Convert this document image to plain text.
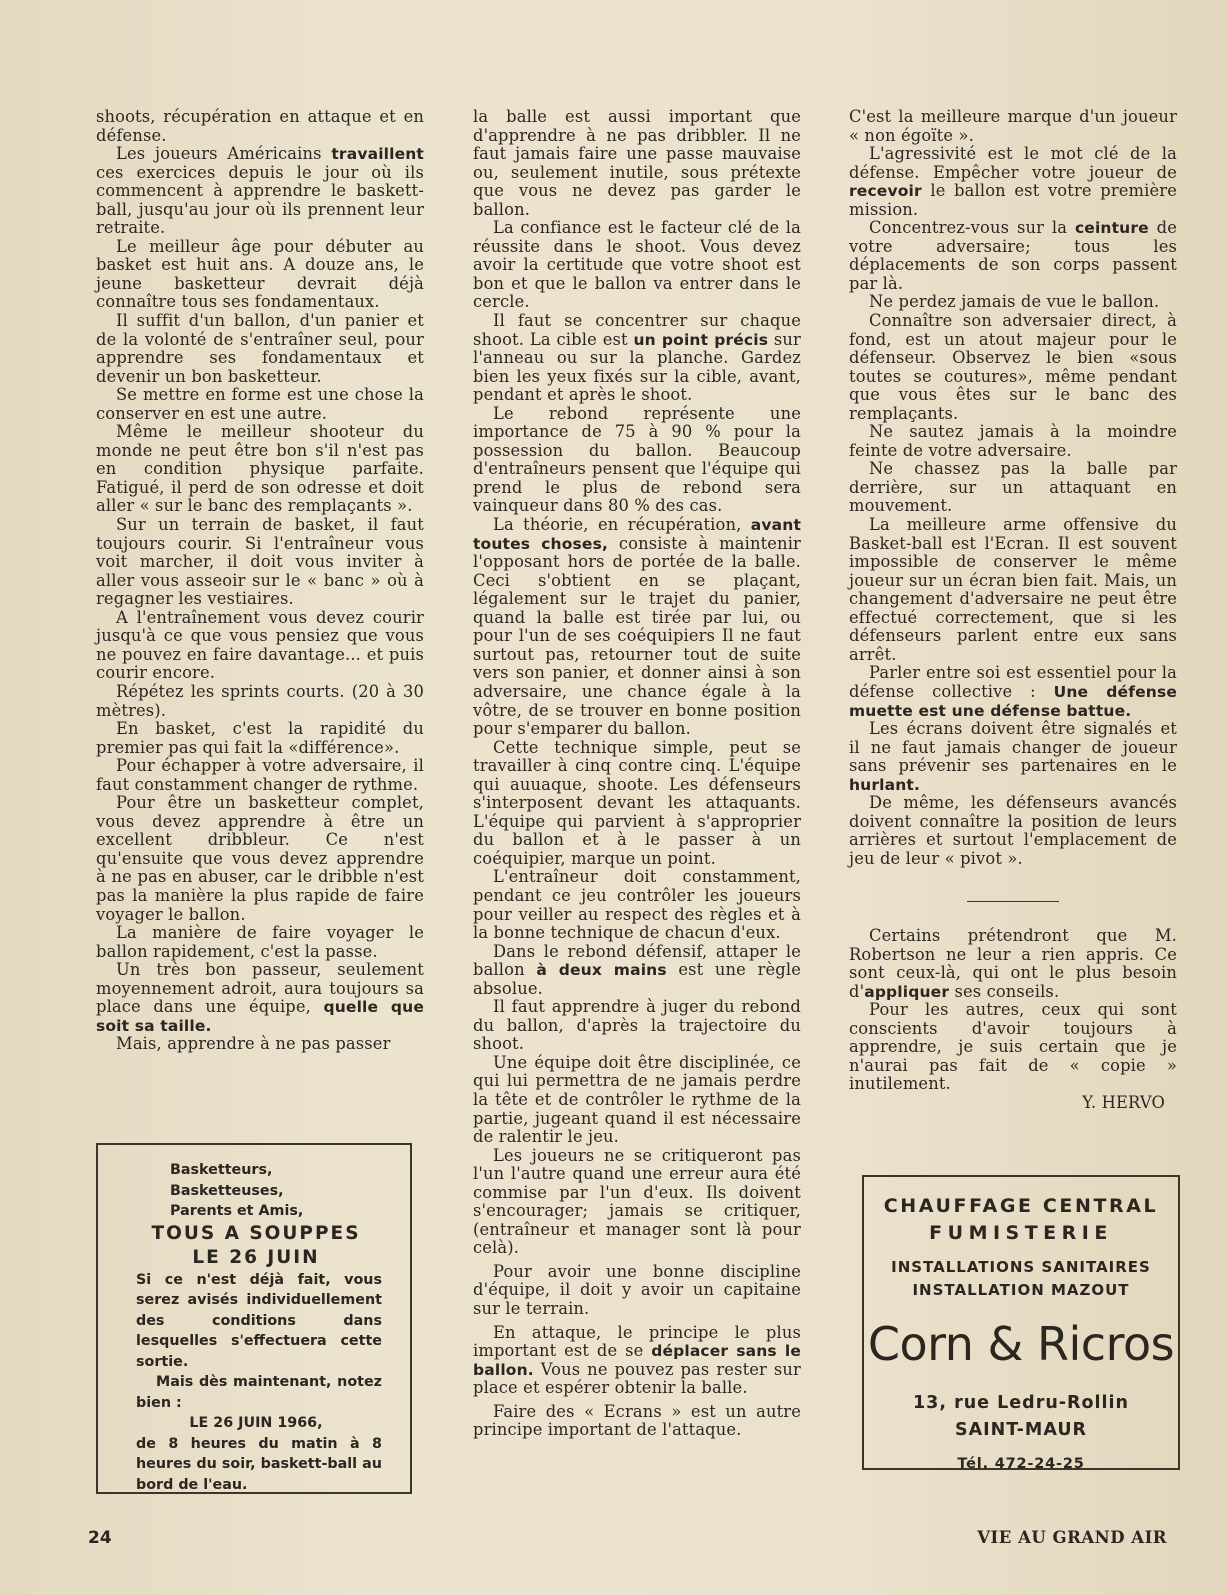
shoots, récupération en attaque et en défense.

Les joueurs Américains travaillent ces exercices depuis le jour où ils commencent à apprendre le baskett-ball, jusqu'au jour où ils prennent leur retraite.

Le meilleur âge pour débuter au basket est huit ans. A douze ans, le jeune basketteur devrait déjà connaître tous ses fondamentaux.

Il suffit d'un ballon, d'un panier et de la volonté de s'entraîner seul, pour apprendre ses fondamentaux et devenir un bon basketteur.

Se mettre en forme est une chose la conserver en est une autre.

Même le meilleur shooteur du monde ne peut être bon s'il n'est pas en condition physique parfaite. Fatigué, il perd de son odresse et doit aller « sur le banc des remplaçants ».

Sur un terrain de basket, il faut toujours courir. Si l'entraîneur vous voit marcher, il doit vous inviter à aller vous asseoir sur le « banc » où à regagner les vestiaires.

A l'entraînement vous devez courir jusqu'à ce que vous pensiez que vous ne pouvez en faire davantage... et puis courir encore.

Répétez les sprints courts. (20 à 30 mètres).

En basket, c'est la rapidité du premier pas qui fait la «différence».

Pour échapper à votre adversaire, il faut constamment changer de rythme.

Pour être un basketteur complet, vous devez apprendre à être un excellent dribbleur. Ce n'est qu'ensuite que vous devez apprendre à ne pas en abuser, car le dribble n'est pas la manière la plus rapide de faire voyager le ballon.

La manière de faire voyager le ballon rapidement, c'est la passe.

Un très bon passeur, seulement moyennement adroit, aura toujours sa place dans une équipe, quelle que soit sa taille.

Mais, apprendre à ne pas passer

la balle est aussi important que d'apprendre à ne pas dribbler. Il ne faut jamais faire une passe mauvaise ou, seulement inutile, sous prétexte que vous ne devez pas garder le ballon.

La confiance est le facteur clé de la réussite dans le shoot. Vous devez avoir la certitude que votre shoot est bon et que le ballon va entrer dans le cercle.

Il faut se concentrer sur chaque shoot. La cible est un point précis sur l'anneau ou sur la planche. Gardez bien les yeux fixés sur la cible, avant, pendant et après le shoot.

Le rebond représente une importance de 75 à 90 % pour la possession du ballon. Beaucoup d'entraîneurs pensent que l'équipe qui prend le plus de rebond sera vainqueur dans 80 % des cas.

La théorie, en récupération, avant toutes choses, consiste à maintenir l'opposant hors de portée de la balle. Ceci s'obtient en se plaçant, légalement sur le trajet du panier, quand la balle est tirée par lui, ou pour l'un de ses coéquipiers Il ne faut surtout pas, retourner tout de suite vers son panier, et donner ainsi à son adversaire, une chance égale à la vôtre, de se trouver en bonne position pour s'emparer du ballon.

Cette technique simple, peut se travailler à cinq contre cinq. L'équipe qui auuaque, shoote. Les défenseurs s'interposent devant les attaquants. L'équipe qui parvient à s'approprier du ballon et à le passer à un coéquipier, marque un point.

L'entraîneur doit constamment, pendant ce jeu contrôler les joueurs pour veiller au respect des règles et à la bonne technique de chacun d'eux.

Dans le rebond défensif, attaper le ballon à deux mains est une règle absolue.

Il faut apprendre à juger du rebond du ballon, d'après la trajectoire du shoot.

Une équipe doit être disciplinée, ce qui lui permettra de ne jamais perdre la tête et de contrôler le rythme de la partie, jugeant quand il est nécessaire de ralentir le jeu.

Les joueurs ne se critiqueront pas l'un l'autre quand une erreur aura été commise par l'un d'eux. Ils doivent s'encourager; jamais se critiquer, (entraîneur et manager sont là pour celà).

Pour avoir une bonne discipline d'équipe, il doit y avoir un capitaine sur le terrain.

En attaque, le principe le plus important est de se déplacer sans le ballon. Vous ne pouvez pas rester sur place et espérer obtenir la balle.

Faire des « Ecrans » est un autre principe important de l'attaque.

C'est la meilleure marque d'un joueur « non égoïte ».

L'agressivité est le mot clé de la défense. Empêcher votre joueur de recevoir le ballon est votre première mission.

Concentrez-vous sur la ceinture de votre adversaire; tous les déplacements de son corps passent par là.

Ne perdez jamais de vue le ballon.

Connaître son adversaier direct, à fond, est un atout majeur pour le défenseur. Observez le bien «sous toutes se coutures», même pendant que vous êtes sur le banc des remplaçants.

Ne sautez jamais à la moindre feinte de votre adversaire.

Ne chassez pas la balle par derrière, sur un attaquant en mouvement.

La meilleure arme offensive du Basket-ball est l'Ecran. Il est souvent impossible de conserver le même joueur sur un écran bien fait. Mais, un changement d'adversaire ne peut être effectué correctement, que si les défenseurs parlent entre eux sans arrêt.

Parler entre soi est essentiel pour la défense collective : Une défense muette est une défense battue.

Les écrans doivent être signalés et il ne faut jamais changer de joueur sans prévenir ses partenaires en le hurlant.

De même, les défenseurs avancés doivent connaître la position de leurs arrières et surtout l'emplacement de jeu de leur « pivot ».

Certains prétendront que M. Robertson ne leur a rien appris. Ce sont ceux-là, qui ont le plus besoin d'appliquer ses conseils.

Pour les autres, ceux qui sont conscients d'avoir toujours à apprendre, je suis certain que je n'aurai pas fait de « copie » inutilement.

Y. HERVO
Basketteurs,
Basketteuses,
Parents et Amis,
TOUS A SOUPPES
LE 26 JUIN
Si ce n'est déjà fait, vous serez avisés individuellement des conditions dans lesquelles s'effectuera cette sortie.
Mais dès maintenant, notez bien :
LE 26 JUIN 1966,
de 8 heures du matin à 8 heures du soir, baskett-ball au bord de l'eau.
CHAUFFAGE CENTRAL
FUMISTERIE
INSTALLATIONS SANITAIRES
INSTALLATION MAZOUT
Corn & Ricros
13, rue Ledru-Rollin
SAINT-MAUR
Tél. 472-24-25
24	VIE AU GRAND AIR
